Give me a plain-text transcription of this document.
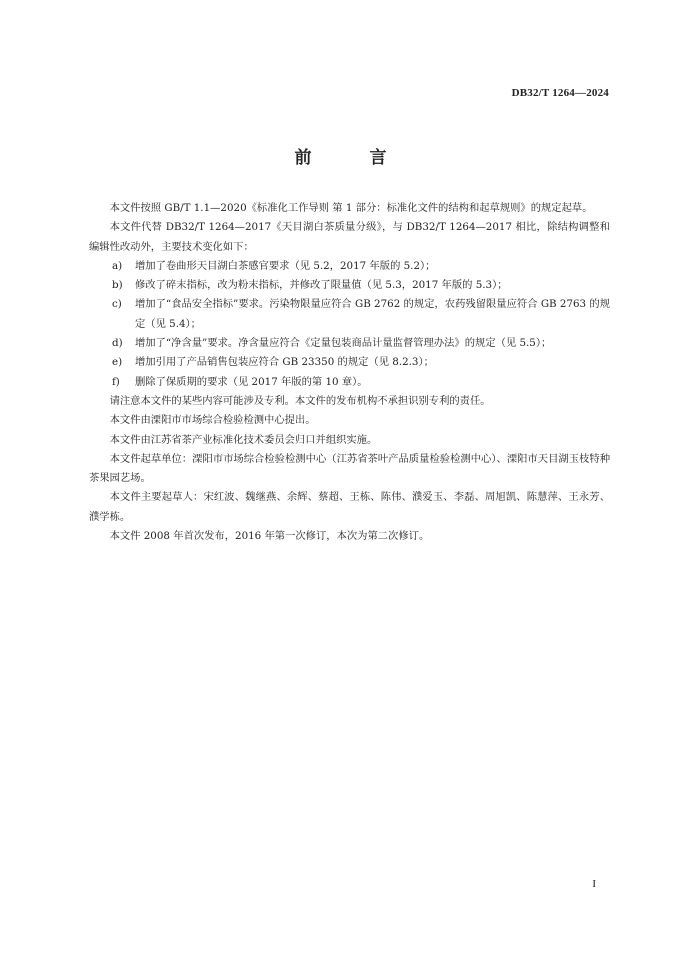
DB32/T 1264—2024
前 言

本文件按照 GB/T 1.1—2020《标准化工作导则 第 1 部分：标准化文件的结构和起草规则》的规定起草。

本文件代替 DB32/T 1264—2017《天目湖白茶质量分级》，与 DB32/T 1264—2017 相比，除结构调整和编辑性改动外，主要技术变化如下：

a) 增加了卷曲形天目湖白茶感官要求（见 5.2，2017 年版的 5.2）；

b) 修改了碎末指标，改为粉末指标，并修改了限量值（见 5.3，2017 年版的 5.3）；

c) 增加了“食品安全指标”要求。污染物限量应符合 GB 2762 的规定，农药残留限量应符合 GB 2763 的规定（见 5.4）；

d) 增加了“净含量”要求。净含量应符合《定量包装商品计量监督管理办法》的规定（见 5.5）；

e) 增加引用了产品销售包装应符合 GB 23350 的规定（见 8.2.3）；

f) 删除了保质期的要求（见 2017 年版的第 10 章）。

请注意本文件的某些内容可能涉及专利。本文件的发布机构不承担识别专利的责任。

本文件由溧阳市市场综合检验检测中心提出。

本文件由江苏省茶产业标准化技术委员会归口并组织实施。

本文件起草单位：溧阳市市场综合检验检测中心（江苏省茶叶产品质量检验检测中心）、溧阳市天目湖玉枝特种茶果园艺场。

本文件主要起草人：宋红波、魏继燕、余辉、蔡超、王栋、陈伟、濮爱玉、李磊、周旭凯、陈慧萍、王永芳、濮学栋。

本文件 2008 年首次发布，2016 年第一次修订，本次为第二次修订。

I
